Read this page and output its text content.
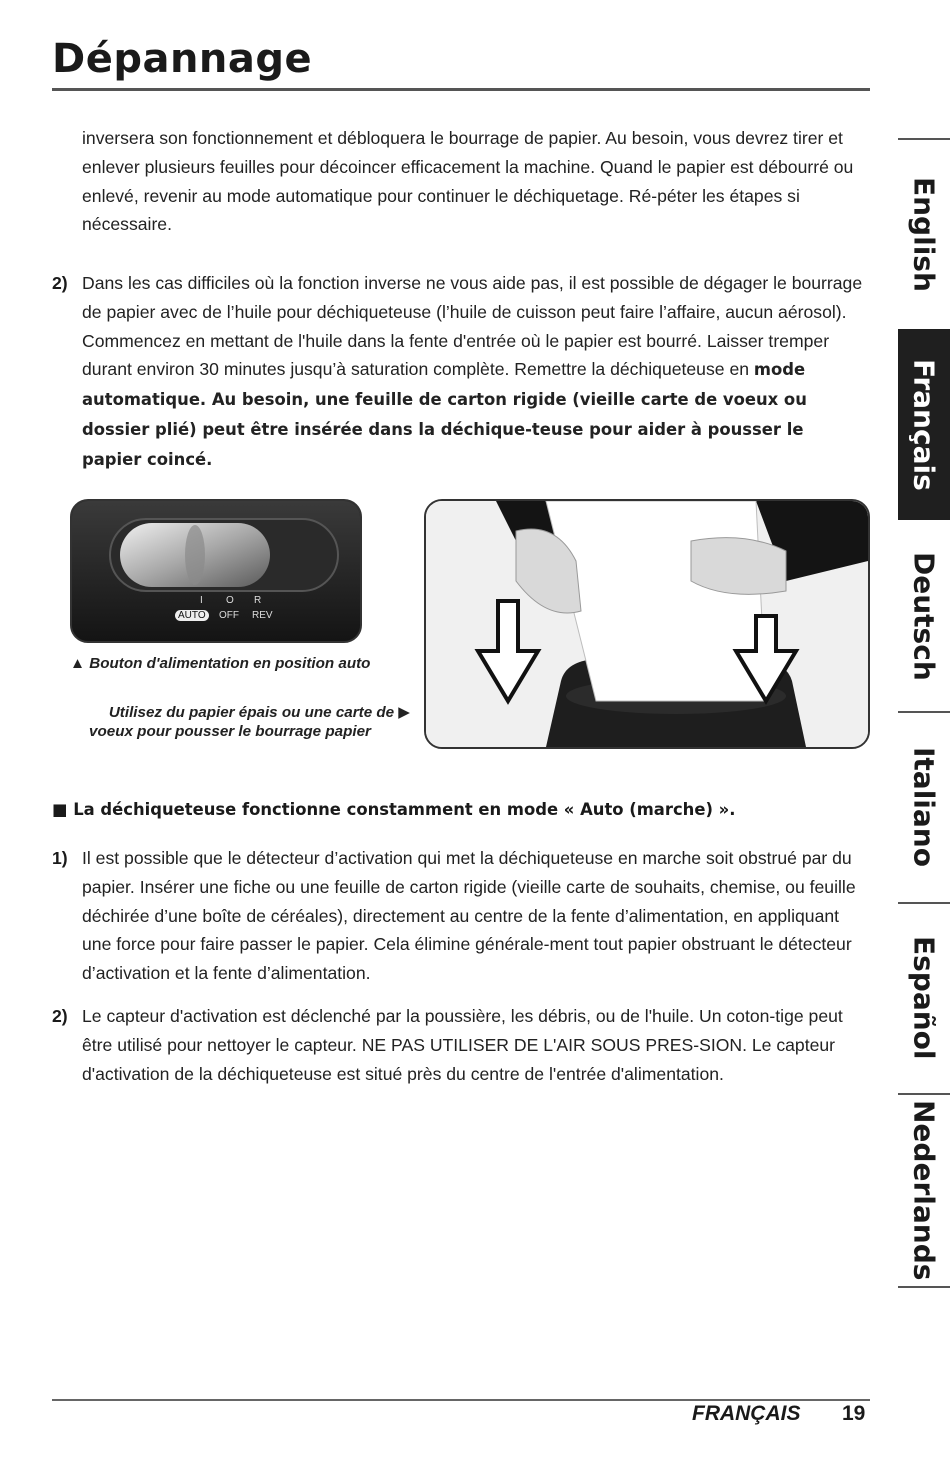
Dépannage
inversera son fonctionnement et débloquera le bourrage de papier. Au besoin, vous devrez tirer et enlever plusieurs feuilles pour décoincer efficacement la machine. Quand le papier est débourré ou enlevé, revenir au mode automatique pour continuer le déchiquetage. Ré-péter les étapes si nécessaire.
2) Dans les cas difficiles où la fonction inverse ne vous aide pas, il est possible de dégager le bourrage de papier avec de l’huile pour déchiqueteuse (l’huile de cuisson peut faire l’affaire, aucun aérosol). Commencez en mettant de l'huile dans la fente d'entrée où le papier est bourré. Laisser tremper durant environ 30 minutes jusqu’à saturation complète. Remettre la déchiqueteuse en mode automatique. Au besoin, une feuille de carton rigide (vieille carte de voeux ou dossier plié) peut être insérée dans la déchique-teuse pour aider à pousser le papier coincé.
I O R
AUTO	OFF REV
▲ Bouton d'alimentation en position auto
Utilisez du papier épais ou une carte de ▶
voeux pour pousser le bourrage papier
■ La déchiqueteuse fonctionne constamment en mode « Auto (marche) ».
1) Il est possible que le détecteur d’activation qui met la déchiqueteuse en marche soit obstrué par du papier. Insérer une fiche ou une feuille de carton rigide (vieille carte de souhaits, chemise, ou feuille déchirée d’une boîte de céréales), directement au centre de la fente d’alimentation, en appliquant une force pour faire passer le papier. Cela élimine générale-ment tout papier obstruant le détecteur d’activation et la fente d’alimentation.
2) Le capteur d'activation est déclenché par la poussière, les débris, ou de l'huile. Un coton-tige peut être utilisé pour nettoyer le capteur. NE PAS UTILISER DE L'AIR SOUS PRES-SION. Le capteur d'activation de la déchiqueteuse est situé près du centre de l'entrée d'alimentation.
English
Français
Deutsch
Italiano
Español
Nederlands
FRANÇAIS 19
